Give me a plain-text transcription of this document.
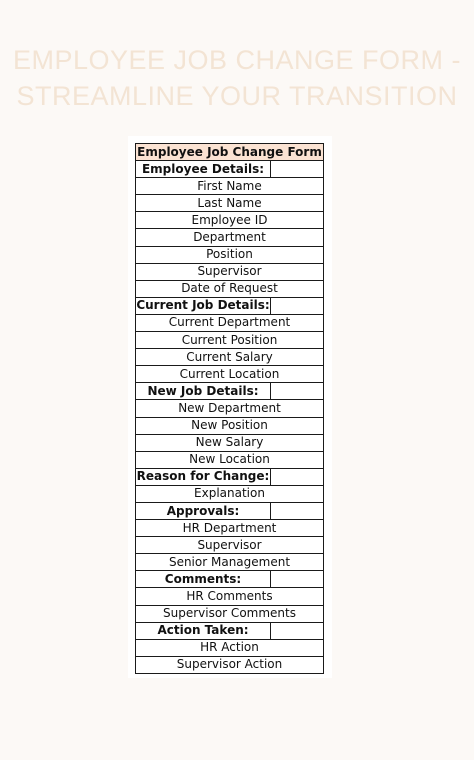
EMPLOYEE JOB CHANGE FORM -
STREAMLINE YOUR TRANSITION
Employee Job Change Form	
Employee Details:	
First Name	
Last Name	
Employee ID	
Department	
Position	
Supervisor	
Date of Request	
Current Job Details:	
Current Department	
Current Position	
Current Salary	
Current Location	
New Job Details:	
New Department	
New Position	
New Salary	
New Location	
Reason for Change:	
Explanation	
Approvals:	
HR Department	
Supervisor	
Senior Management	
Comments:	
HR Comments	
Supervisor Comments	
Action Taken:	
HR Action	
Supervisor Action	
